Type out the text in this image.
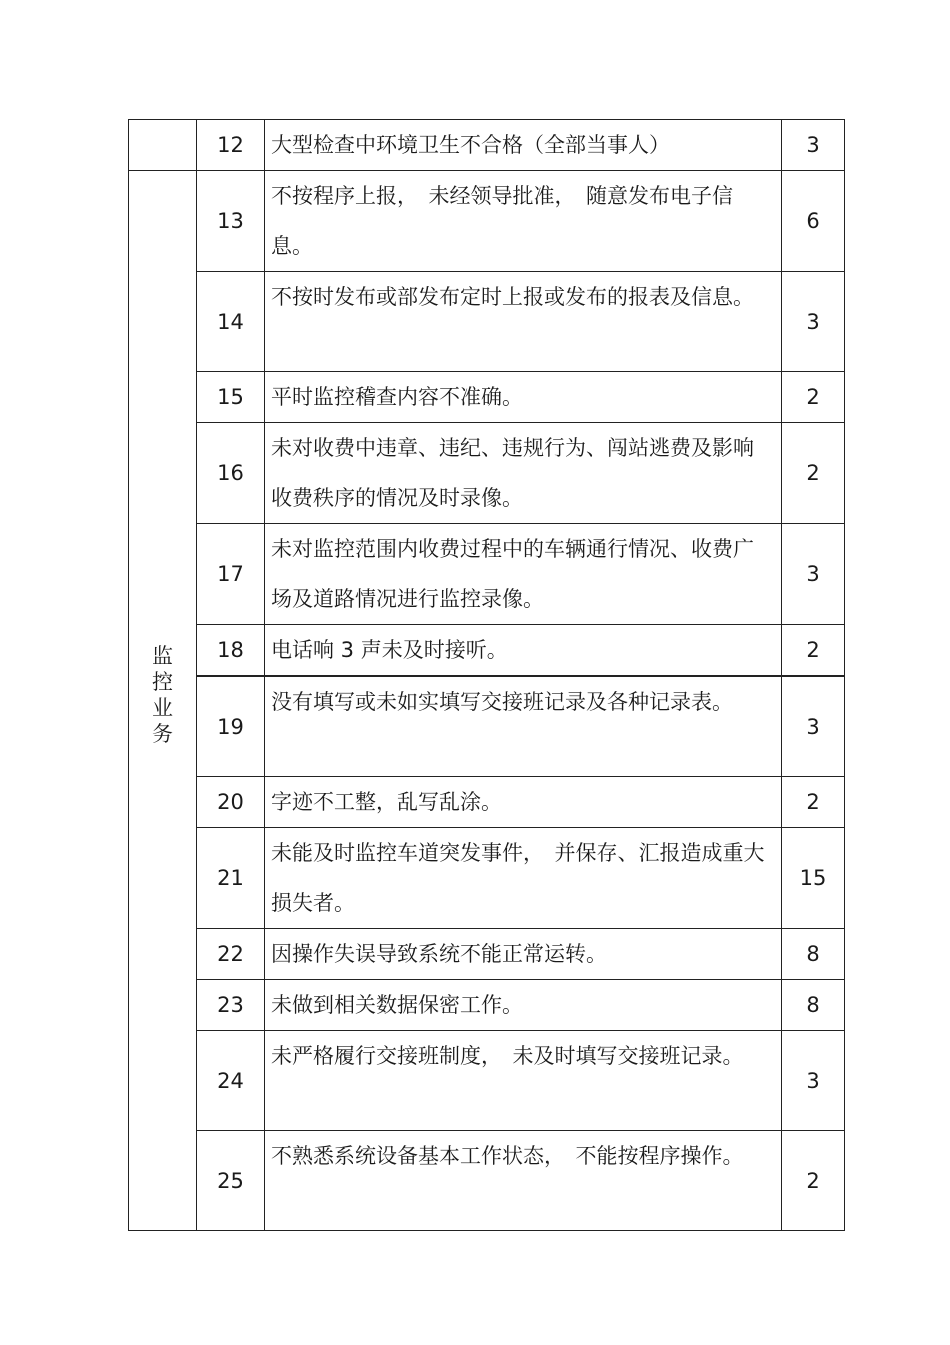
	12	大型检查中环境卫生不合格（全部当事人）	3
监控业务	13	不按程序上报，　未经领导批准，　随意发布电子信息。	6
	14	不按时发布或部发布定时上报或发布的报表及信息。	3
	15	平时监控稽查内容不准确。	2
	16	未对收费中违章、违纪、违规行为、闯站逃费及影响收费秩序的情况及时录像。	2
	17	未对监控范围内收费过程中的车辆通行情况、收费广场及道路情况进行监控录像。	3
	18	电话响 3 声未及时接听。	2
	19	没有填写或未如实填写交接班记录及各种记录表。	3
	20	字迹不工整，乱写乱涂。	2
	21	未能及时监控车道突发事件，　并保存、汇报造成重大损失者。	15
	22	因操作失误导致系统不能正常运转。	8
	23	未做到相关数据保密工作。	8
	24	未严格履行交接班制度，　未及时填写交接班记录。	3
	25	不熟悉系统设备基本工作状态，　不能按程序操作。	2
